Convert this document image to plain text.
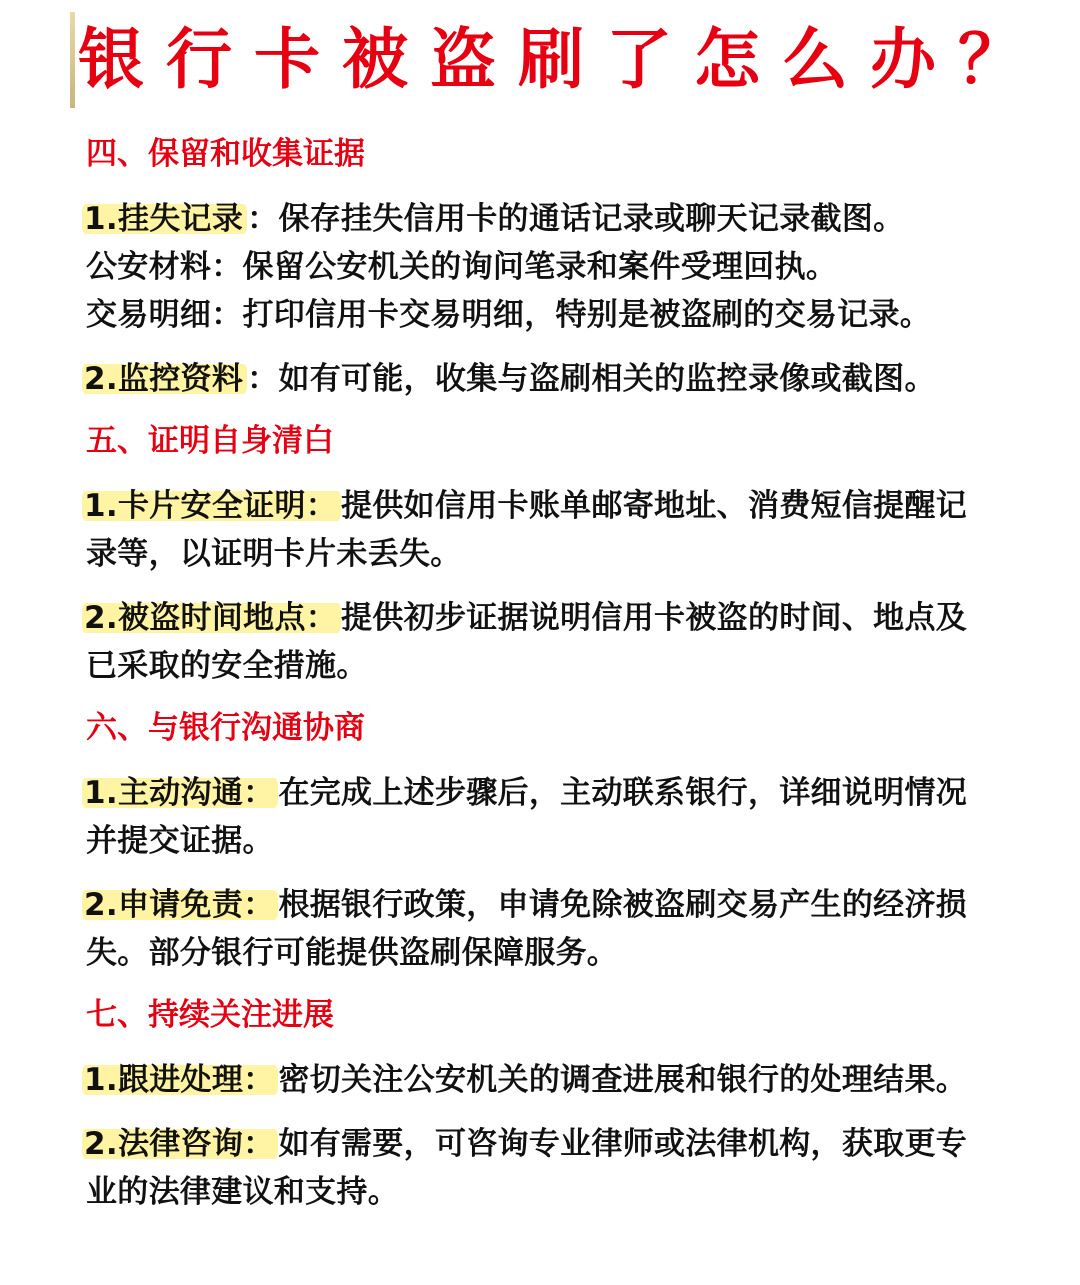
银行卡被盗刷了怎么办？
四、保留和收集证据
1.挂失记录 ：保存挂失信用卡的通话记录或聊天记录截图。
公安材料：保留公安机关的询问笔录和案件受理回执。
交易明细：打印信用卡交易明细，特别是被盗刷的交易记录。
2.监控资料 ：如有可能，收集与盗刷相关的监控录像或截图。
五、证明自身清白
1.卡片安全证明： 提供如信用卡账单邮寄地址、消费短信提醒记录等，以证明卡片未丢失。
2.被盗时间地点： 提供初步证据说明信用卡被盗的时间、地点及已采取的安全措施。
六、与银行沟通协商
1.主动沟通： 在完成上述步骤后，主动联系银行，详细说明情况并提交证据。
2.申请免责： 根据银行政策，申请免除被盗刷交易产生的经济损失。部分银行可能提供盗刷保障服务。
七、持续关注进展
1.跟进处理： 密切关注公安机关的调查进展和银行的处理结果。
2.法律咨询： 如有需要，可咨询专业律师或法律机构，获取更专业的法律建议和支持。
